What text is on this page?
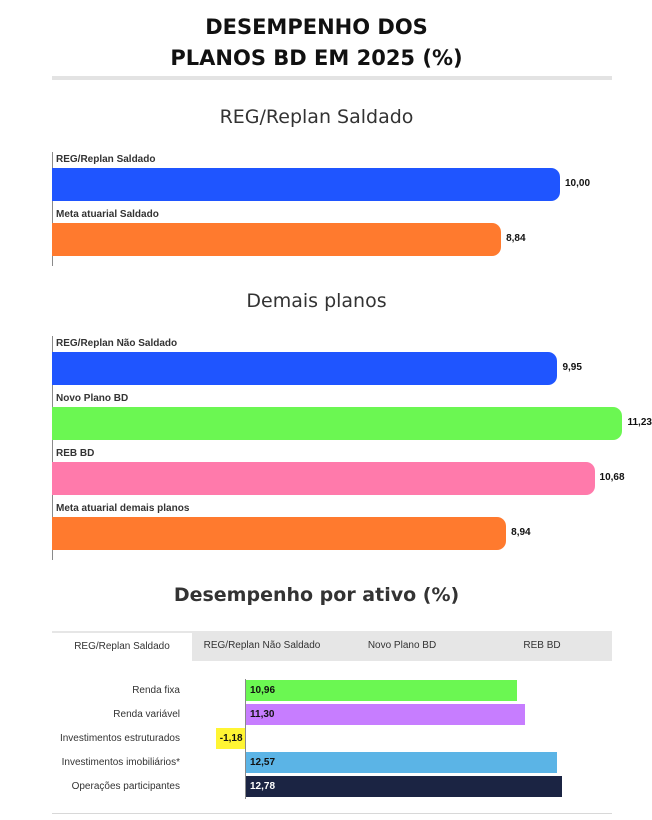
DESEMPENHO DOS
PLANOS BD EM 2025 (%)
REG/Replan Saldado
REG/Replan Saldado
10,00
Meta atuarial Saldado
8,84
Demais planos
REG/Replan Não Saldado
9,95
Novo Plano BD
11,23
REB BD
10,68
Meta atuarial demais planos
8,94
Desempenho por ativo (%)
REG/Replan Saldado	REG/Replan Não Saldado	Novo Plano BD	REB BD
Renda fixa	10,96
Renda variável	11,30
Investimentos estruturados	-1,18
Investimentos imobiliários*	12,57
Operações participantes	12,78
